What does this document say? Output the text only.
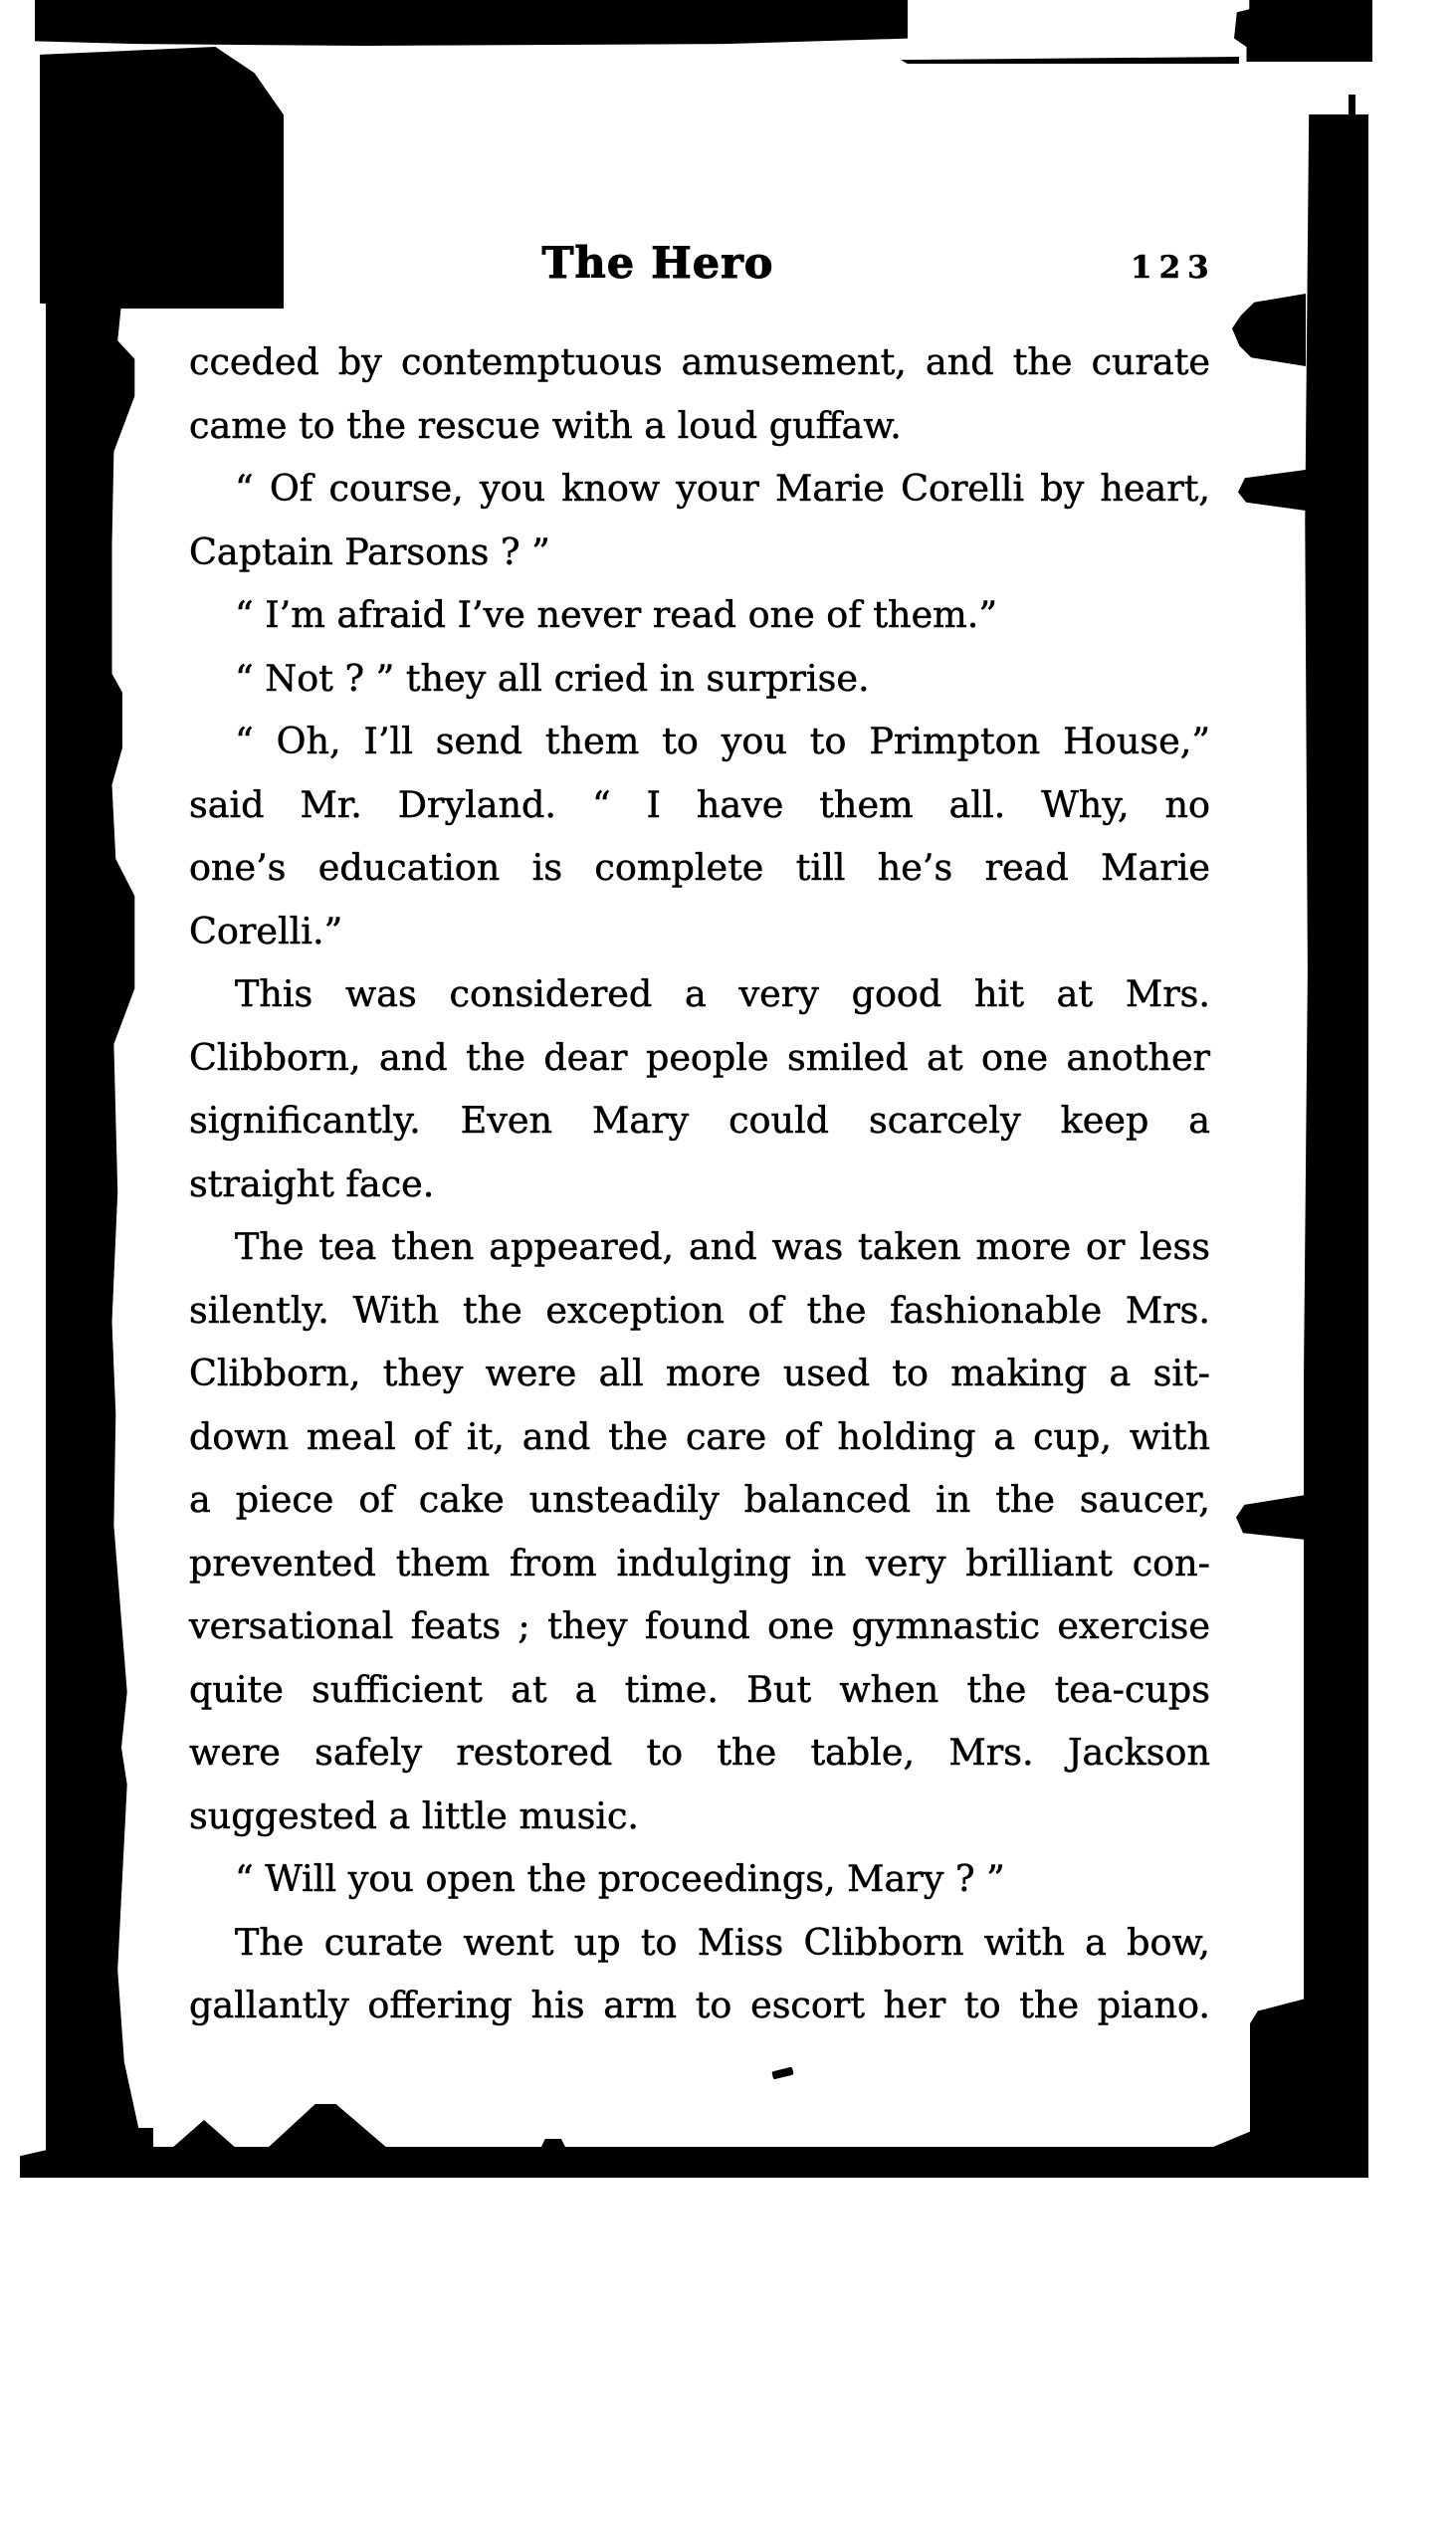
The Hero	123
cceded by contemptuous amusement, and the curate
came to the rescue with a loud guffaw.
“ Of course, you know your Marie Corelli by heart,
Captain Parsons ? ”
“ I’m afraid I’ve never read one of them.”
“ Not ? ” they all cried in surprise.
“ Oh, I’ll send them to you to Primpton House,”
said Mr. Dryland. “ I have them all. Why, no
one’s education is complete till he’s read Marie
Corelli.”
This was considered a very good hit at Mrs.
Clibborn, and the dear people smiled at one another
significantly. Even Mary could scarcely keep a
straight face.
The tea then appeared, and was taken more or less
silently. With the exception of the fashionable Mrs.
Clibborn, they were all more used to making a sit-
down meal of it, and the care of holding a cup, with
a piece of cake unsteadily balanced in the saucer,
prevented them from indulging in very brilliant con-
versational feats ; they found one gymnastic exercise
quite sufficient at a time. But when the tea-cups
were safely restored to the table, Mrs. Jackson
suggested a little music.
“ Will you open the proceedings, Mary ? ”
The curate went up to Miss Clibborn with a bow,
gallantly offering his arm to escort her to the piano.
